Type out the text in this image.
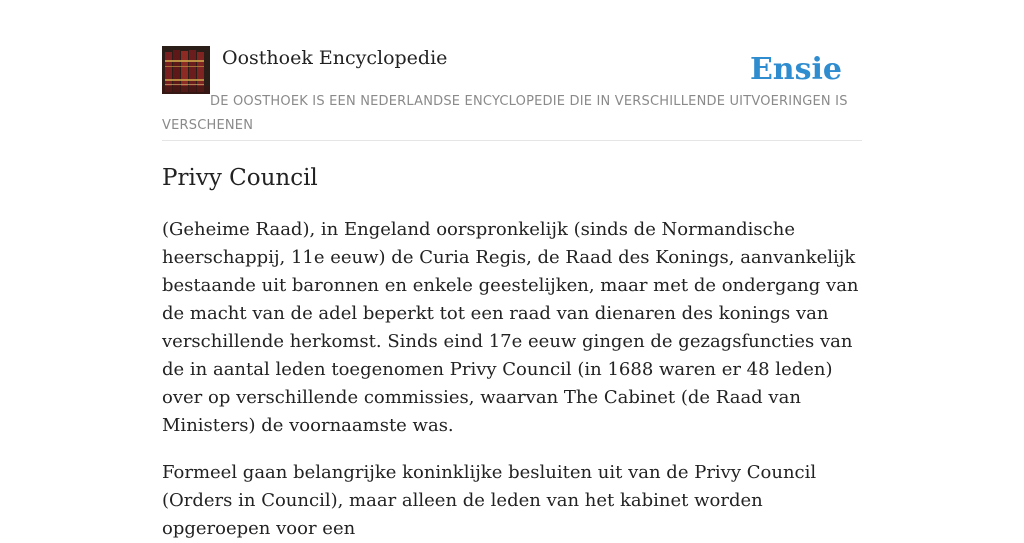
Oosthoek Encyclopedie	Ensie
DE OOSTHOEK IS EEN NEDERLANDSE ENCYCLOPEDIE DIE IN VERSCHILLENDE UITVOERINGEN IS VERSCHENEN
Privy Council

(Geheime Raad), in Engeland oorspronkelijk (sinds de Normandische heerschappij, 11e eeuw) de Curia Regis, de Raad des Konings, aanvankelijk bestaande uit baronnen en enkele geestelijken, maar met de ondergang van de macht van de adel beperkt tot een raad van dienaren des konings van verschillende herkomst. Sinds eind 17e eeuw gingen de gezagsfuncties van de in aantal leden toegenomen Privy Council (in 1688 waren er 48 leden) over op verschillende commissies, waarvan The Cabinet (de Raad van Ministers) de voornaamste was.

Formeel gaan belangrijke koninklijke besluiten uit van de Privy Council (Orders in Council), maar alleen de leden van het kabinet worden opgeroepen voor een
